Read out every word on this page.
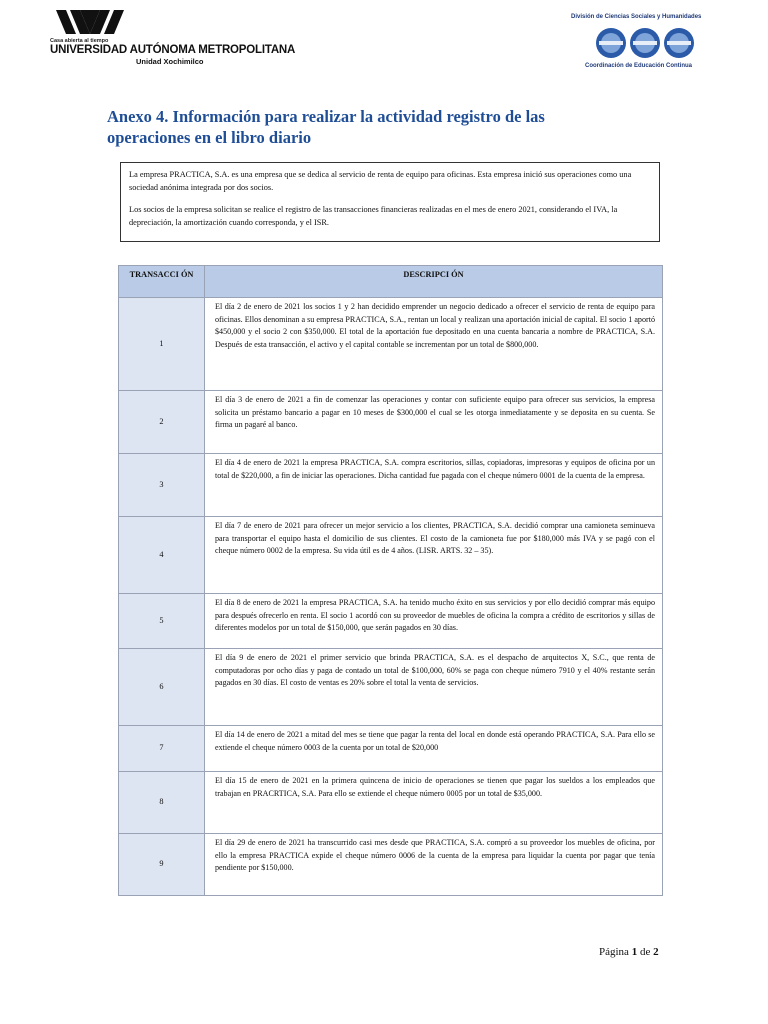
Casa abierta al tiempo
UNIVERSIDAD AUTÓNOMA METROPOLITANA
Unidad Xochimilco
División de Ciencias Sociales y Humanidades
Coordinación de Educación Continua
Anexo 4. Información para realizar la actividad registro de las operaciones en el libro diario

La empresa PRACTICA, S.A. es una empresa que se dedica al servicio de renta de equipo para oficinas. Esta empresa inició sus operaciones como una sociedad anónima integrada por dos socios.

Los socios de la empresa solicitan se realice el registro de las transacciones financieras realizadas en el mes de enero 2021, considerando el IVA, la depreciación, la amortización cuando corresponda, y el ISR.

TRANSACCI ÓN	DESCRIPCI ÓN
1	El día 2 de enero de 2021 los socios 1 y 2 han decidido emprender un negocio dedicado a ofrecer el servicio de renta de equipo para oficinas. Ellos denominan a su empresa PRACTICA, S.A., rentan un local y realizan una aportación inicial de capital. El socio 1 aportó $450,000 y el socio 2 con $350,000. El total de la aportación fue depositado en una cuenta bancaria a nombre de PRACTICA, S.A. Después de esta transacción, el activo y el capital contable se incrementan por un total de $800,000.
2	El día 3 de enero de 2021 a fin de comenzar las operaciones y contar con suficiente equipo para ofrecer sus servicios, la empresa solicita un préstamo bancario a pagar en 10 meses de $300,000 el cual se les otorga inmediatamente y se deposita en su cuenta. Se firma un pagaré al banco.
3	El día 4 de enero de 2021 la empresa PRACTICA, S.A. compra escritorios, sillas, copiadoras, impresoras y equipos de oficina por un total de $220,000, a fin de iniciar las operaciones. Dicha cantidad fue pagada con el cheque número 0001 de la cuenta de la empresa.
4	El día 7 de enero de 2021 para ofrecer un mejor servicio a los clientes, PRACTICA, S.A. decidió comprar una camioneta seminueva para transportar el equipo hasta el domicilio de sus clientes. El costo de la camioneta fue por $180,000 más IVA y se pagó con el cheque número 0002 de la empresa. Su vida útil es de 4 años. (LISR. ARTS. 32 – 35).
5	El día 8 de enero de 2021 la empresa PRACTICA, S.A. ha tenido mucho éxito en sus servicios y por ello decidió comprar más equipo para después ofrecerlo en renta. El socio 1 acordó con su proveedor de muebles de oficina la compra a crédito de escritorios y sillas de diferentes modelos por un total de $150,000, que serán pagados en 30 días.
6	El día 9 de enero de 2021 el primer servicio que brinda PRACTICA, S.A. es el despacho de arquitectos X, S.C., que renta de computadoras por ocho días y paga de contado un total de $100,000, 60% se paga con cheque número 7910 y el 40% restante serán pagados en 30 días. El costo de ventas es 20% sobre el total la venta de servicios.
7	El día 14 de enero de 2021 a mitad del mes se tiene que pagar la renta del local en donde está operando PRACTICA, S.A. Para ello se extiende el cheque número 0003 de la cuenta por un total de $20,000
8	El día 15 de enero de 2021 en la primera quincena de inicio de operaciones se tienen que pagar los sueldos a los empleados que trabajan en PRACRTICA, S.A. Para ello se extiende el cheque número 0005 por un total de $35,000.
9	El día 29 de enero de 2021 ha transcurrido casi mes desde que PRACTICA, S.A. compró a su proveedor los muebles de oficina, por ello la empresa PRACTICA expide el cheque número 0006 de la cuenta de la empresa para liquidar la cuenta por pagar que tenía pendiente por $150,000.
Página 1 de 2
